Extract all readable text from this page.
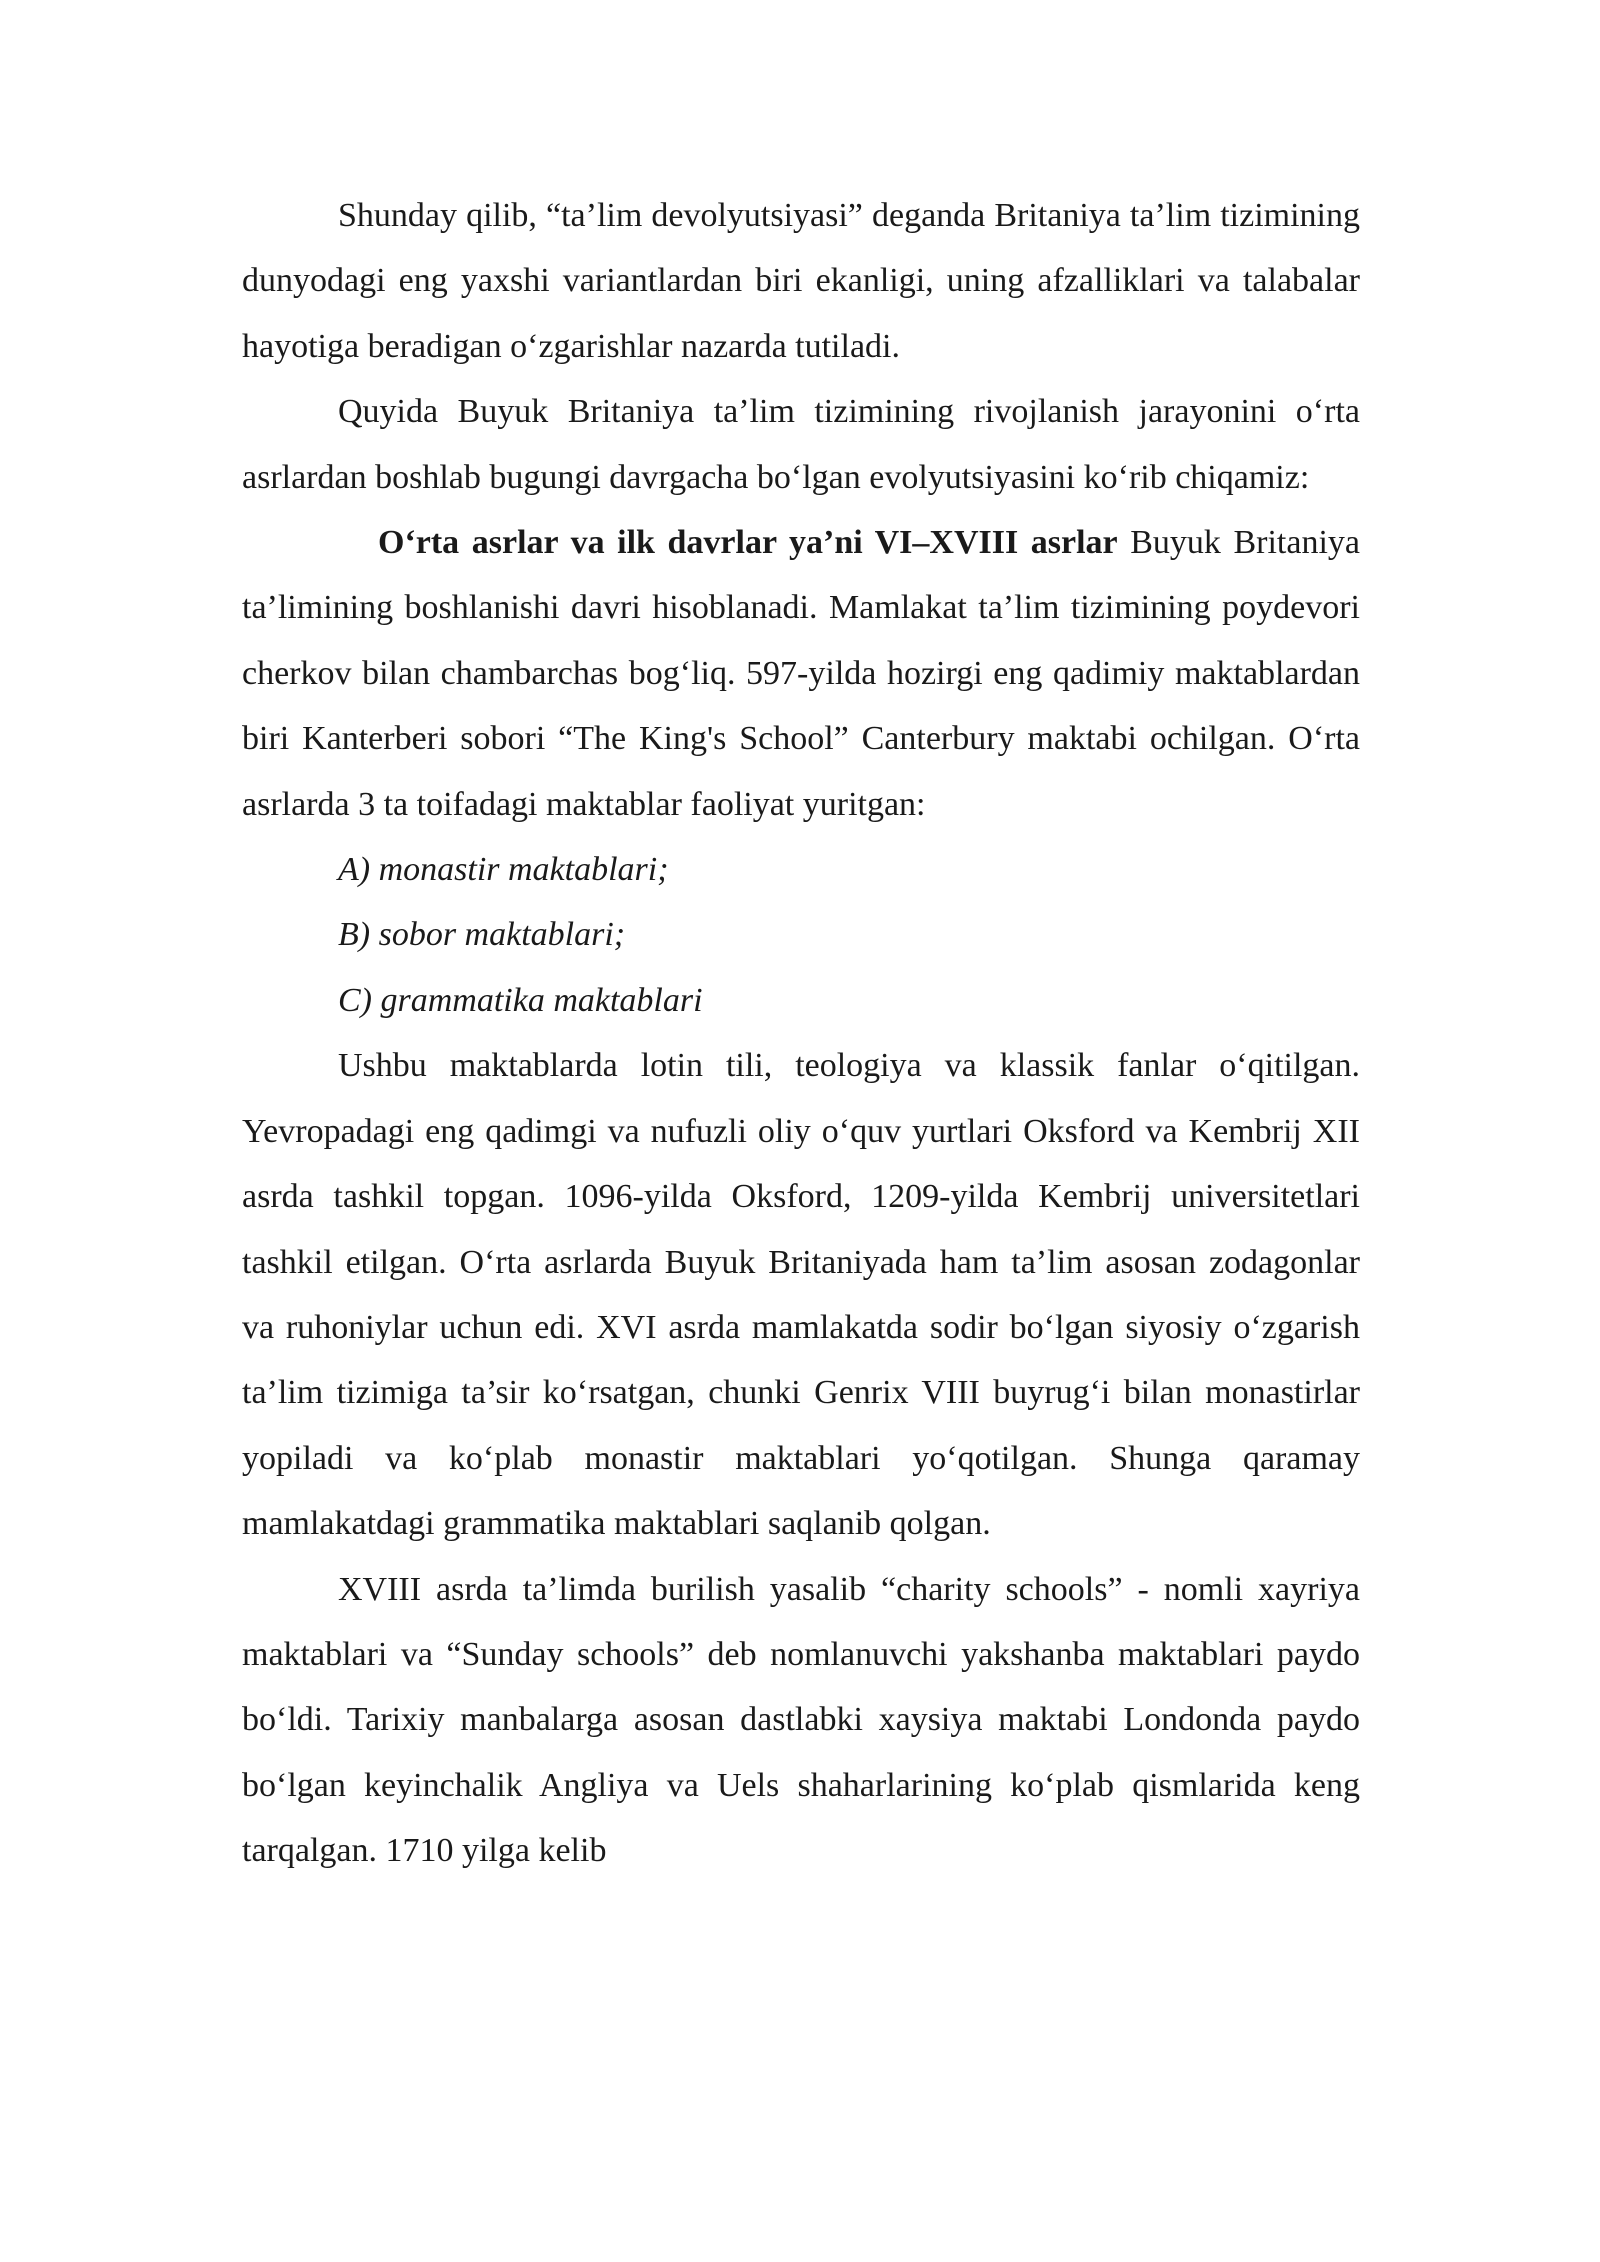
Shunday qilib, “ta’lim devolyutsiyasi” deganda Britaniya ta’lim tizimining dunyodagi eng yaxshi variantlardan biri ekanligi, uning afzalliklari va talabalar hayotiga beradigan oʻzgarishlar nazarda tutiladi.

Quyida Buyuk Britaniya ta’lim tizimining rivojlanish jarayonini oʻrta asrlardan boshlab bugungi davrgacha boʻlgan evolyutsiyasini koʻrib chiqamiz:

Oʻrta asrlar va ilk davrlar ya’ni VI–XVIII asrlar Buyuk Britaniya ta’limining boshlanishi davri hisoblanadi. Mamlakat ta’lim tizimining poydevori cherkov bilan chambarchas bogʻliq. 597-yilda hozirgi eng qadimiy maktablardan biri Kanterberi sobori “The King's School” Canterbury maktabi ochilgan. Oʻrta asrlarda 3 ta toifadagi maktablar faoliyat yuritgan:

A) monastir maktablari;

B) sobor maktablari;

C) grammatika maktablari

Ushbu maktablarda lotin tili, teologiya va klassik fanlar oʻqitilgan. Yevropadagi eng qadimgi va nufuzli oliy oʻquv yurtlari Oksford va Kembrij XII asrda tashkil topgan. 1096-yilda Oksford, 1209-yilda Kembrij universitetlari tashkil etilgan. Oʻrta asrlarda Buyuk Britaniyada ham ta’lim asosan zodagonlar va ruhoniylar uchun edi. XVI asrda mamlakatda sodir boʻlgan siyosiy oʻzgarish ta’lim tizimiga ta’sir koʻrsatgan, chunki Genrix VIII buyrugʻi bilan monastirlar yopiladi va koʻplab monastir maktablari yoʻqotilgan. Shunga qaramay mamlakatdagi grammatika maktablari saqlanib qolgan.

XVIII asrda ta’limda burilish yasalib “charity schools” - nomli xayriya maktablari va “Sunday schools” deb nomlanuvchi yakshanba maktablari paydo boʻldi. Tarixiy manbalarga asosan dastlabki xaysiya maktabi Londonda paydo boʻlgan keyinchalik Angliya va Uels shaharlarining koʻplab qismlarida keng tarqalgan. 1710 yilga kelib
